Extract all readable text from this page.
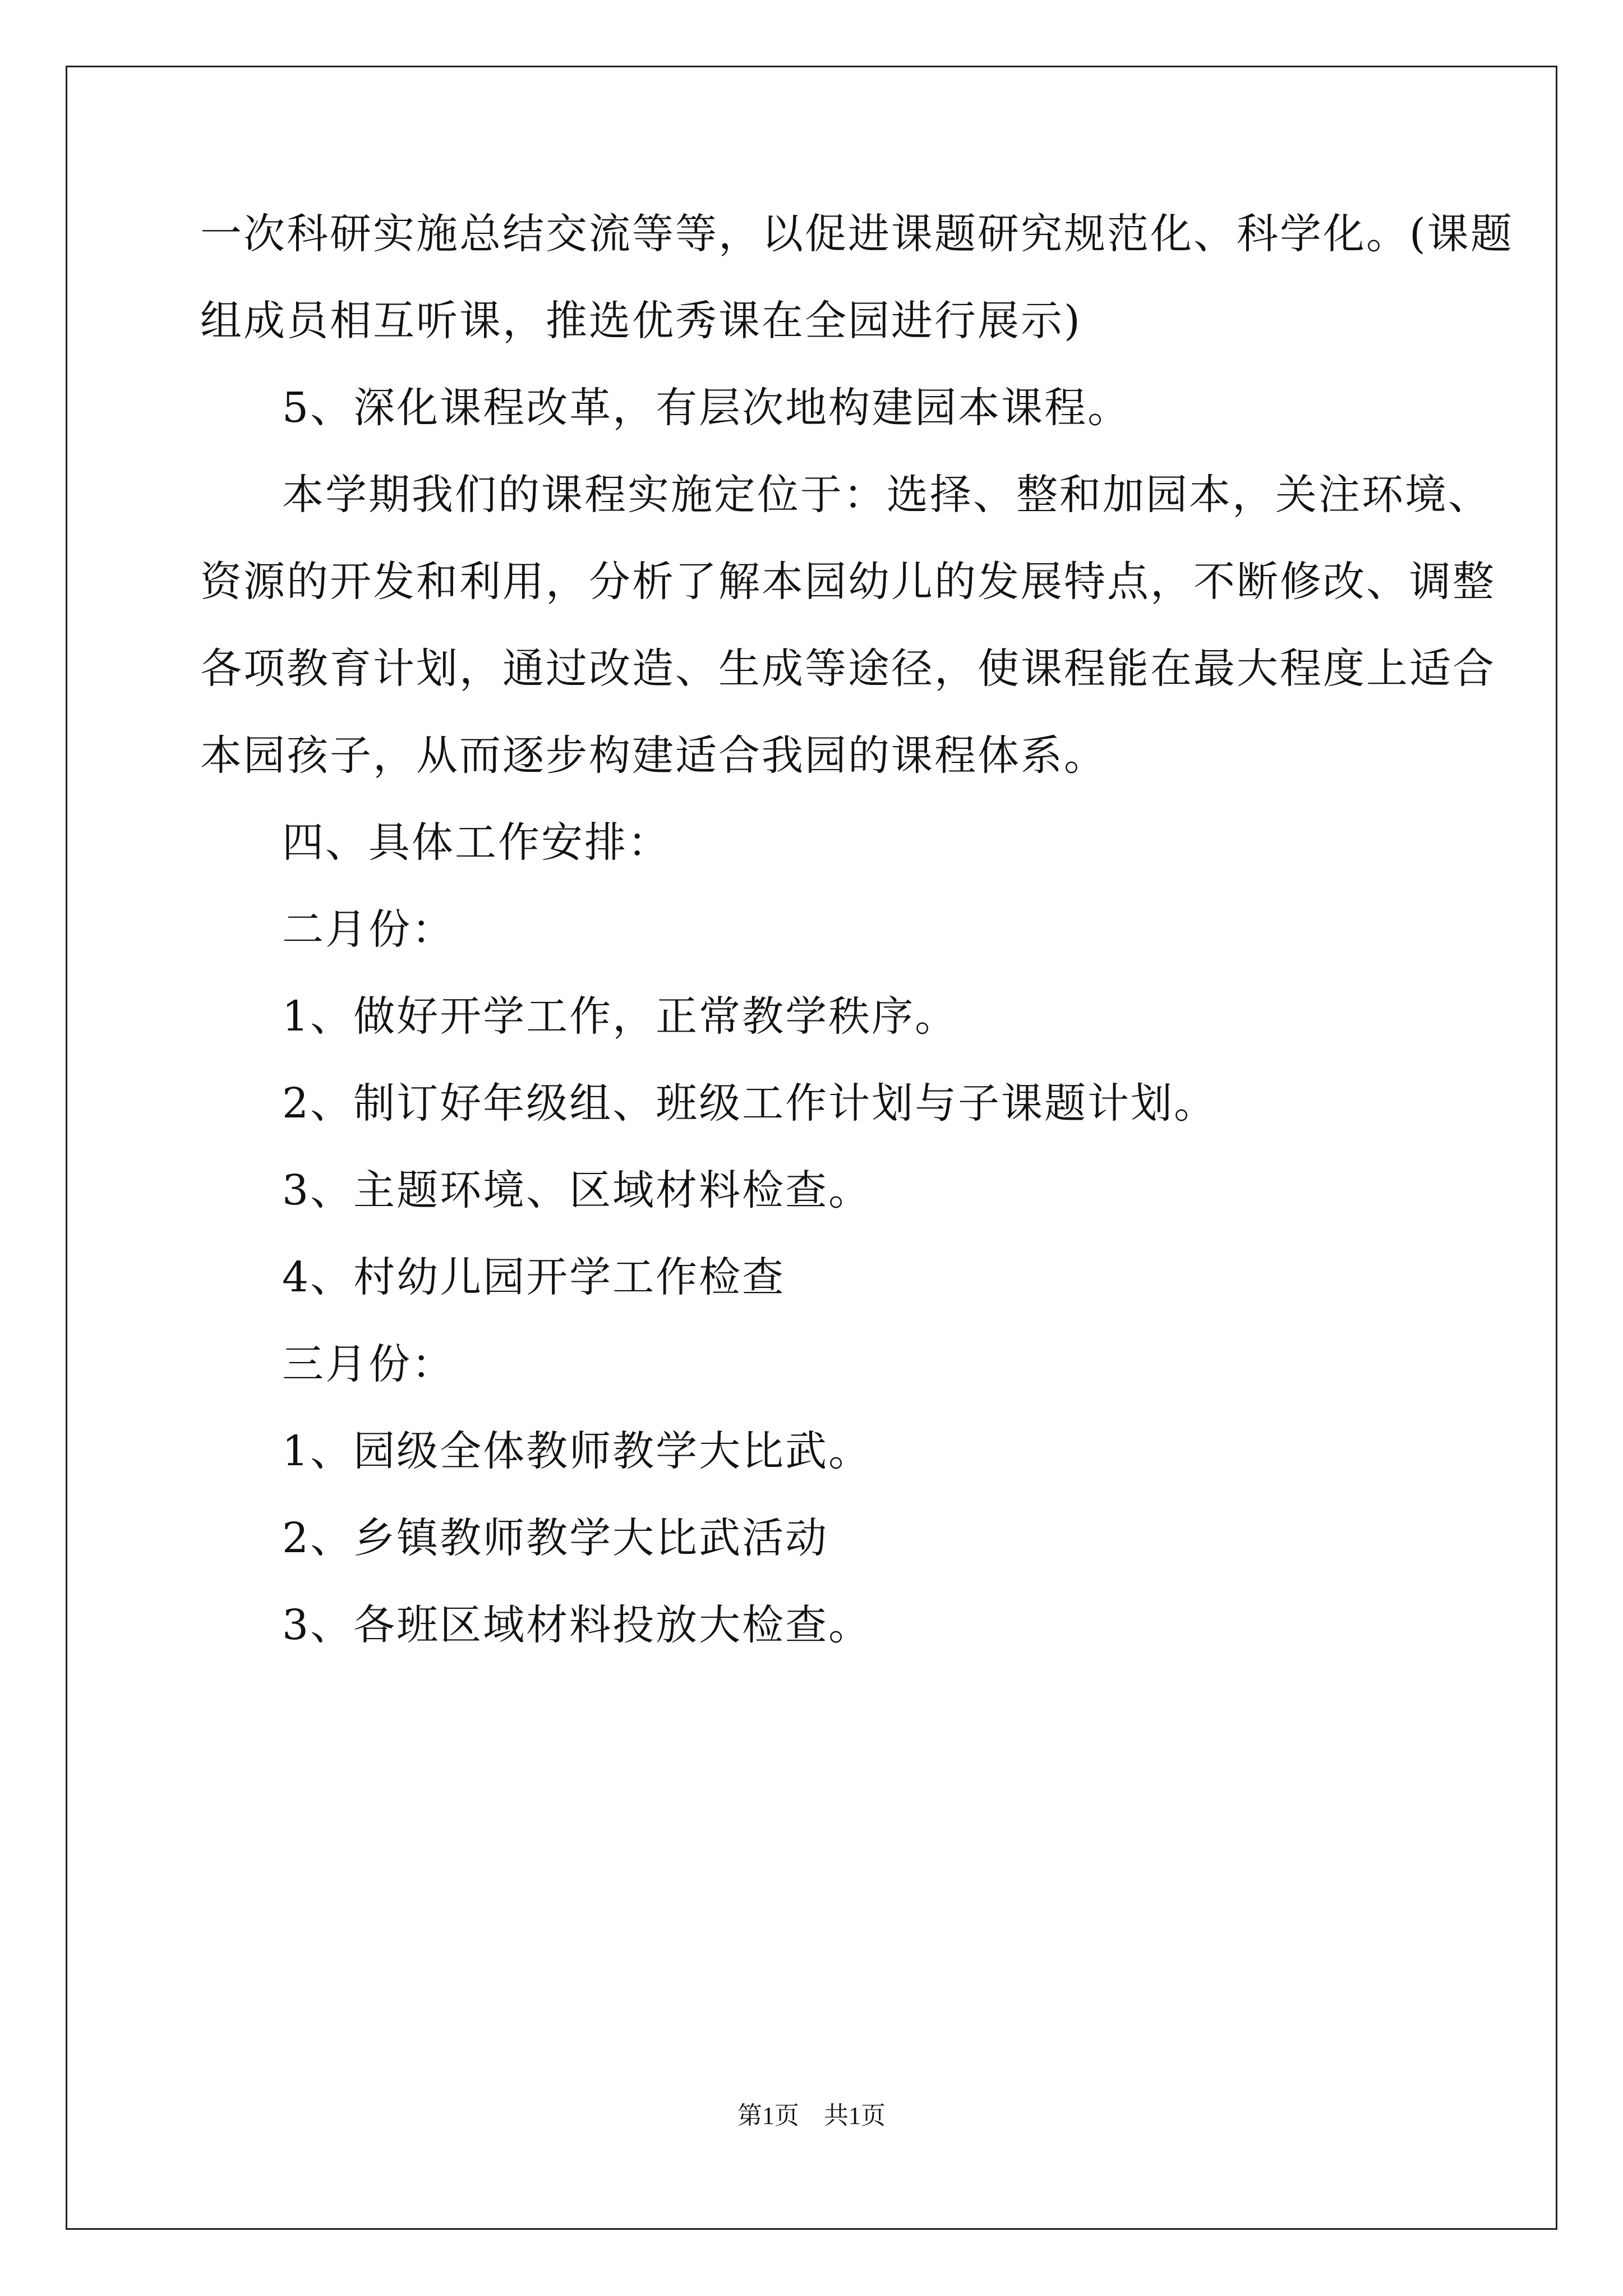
一次科研实施总结交流等等，以促进课题研究规范化、科学化。(课题
组成员相互听课，推选优秀课在全园进行展示)
5、深化课程改革，有层次地构建园本课程。
本学期我们的课程实施定位于：选择、整和加园本，关注环境、
资源的开发和利用，分析了解本园幼儿的发展特点，不断修改、调整
各项教育计划，通过改造、生成等途径，使课程能在最大程度上适合
本园孩子，从而逐步构建适合我园的课程体系。
四、具体工作安排：
二月份：
1、做好开学工作，正常教学秩序。
2、制订好年级组、班级工作计划与子课题计划。
3、主题环境、区域材料检查。
4、村幼儿园开学工作检查
三月份：
1、园级全体教师教学大比武。
2、乡镇教师教学大比武活动
3、各班区域材料投放大检查。
第1页　共1页
